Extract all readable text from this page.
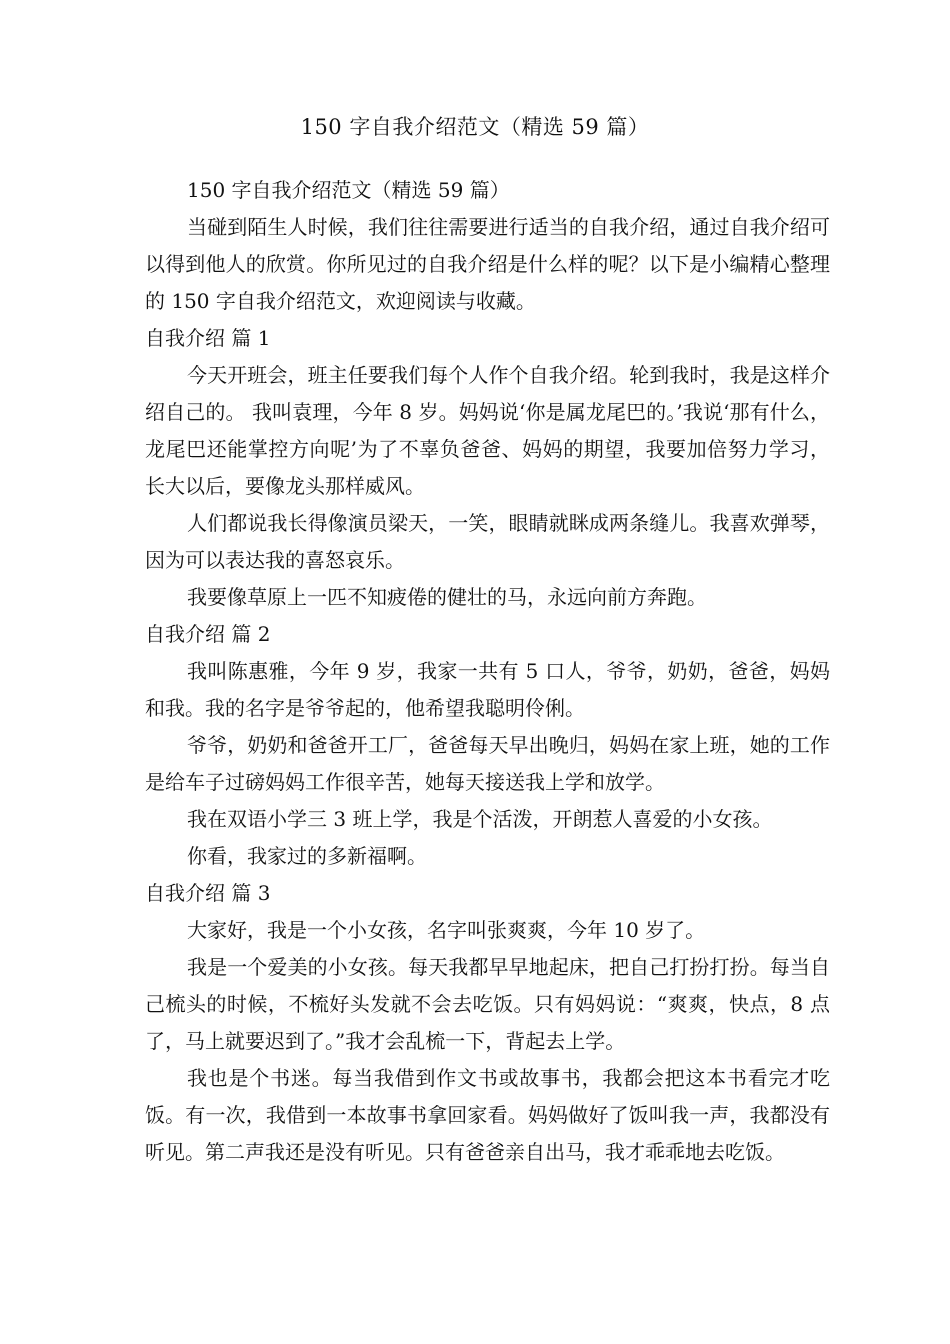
150 字自我介绍范文（精选 59 篇）

150 字自我介绍范文（精选 59 篇）

当碰到陌生人时候，我们往往需要进行适当的自我介绍，通过自我介绍可以得到他人的欣赏。你所见过的自我介绍是什么样的呢？以下是小编精心整理的 150 字自我介绍范文，欢迎阅读与收藏。

自我介绍 篇 1

今天开班会，班主任要我们每个人作个自我介绍。轮到我时，我是这样介绍自己的。 我叫袁理，今年 8 岁。妈妈说‘你是属龙尾巴的。’我说‘那有什么，龙尾巴还能掌控方向呢’为了不辜负爸爸、妈妈的期望，我要加倍努力学习，长大以后，要像龙头那样威风。

人们都说我长得像演员梁天，一笑，眼睛就眯成两条缝儿。我喜欢弹琴，因为可以表达我的喜怒哀乐。

我要像草原上一匹不知疲倦的健壮的马，永远向前方奔跑。

自我介绍 篇 2

我叫陈惠雅，今年 9 岁，我家一共有 5 口人，爷爷，奶奶，爸爸，妈妈和我。我的名字是爷爷起的，他希望我聪明伶俐。

爷爷，奶奶和爸爸开工厂，爸爸每天早出晚归，妈妈在家上班，她的工作是给车子过磅妈妈工作很辛苦，她每天接送我上学和放学。

我在双语小学三 3 班上学，我是个活泼，开朗惹人喜爱的小女孩。

你看，我家过的多新福啊。

自我介绍 篇 3

大家好，我是一个小女孩，名字叫张爽爽，今年 10 岁了。

我是一个爱美的小女孩。每天我都早早地起床，把自己打扮打扮。每当自己梳头的时候，不梳好头发就不会去吃饭。只有妈妈说：“爽爽，快点，8 点了，马上就要迟到了。”我才会乱梳一下，背起去上学。

我也是个书迷。每当我借到作文书或故事书，我都会把这本书看完才吃饭。有一次，我借到一本故事书拿回家看。妈妈做好了饭叫我一声，我都没有听见。第二声我还是没有听见。只有爸爸亲自出马，我才乖乖地去吃饭。
